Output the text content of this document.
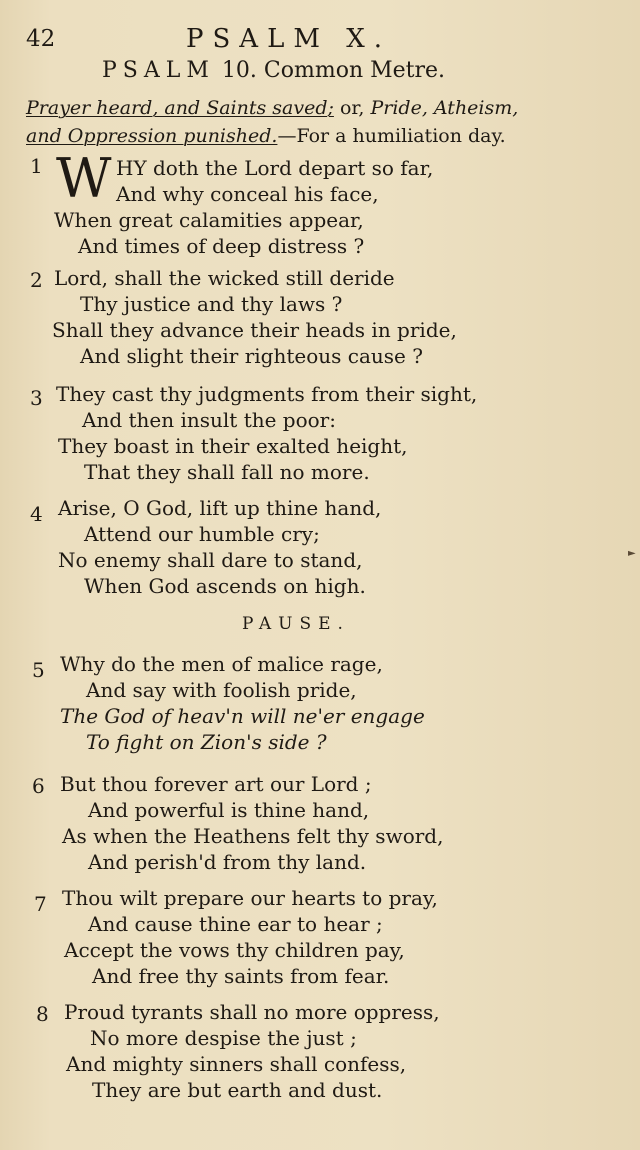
42	PSALM X.
PSALM 10. Common Metre.
Prayer heard, and Saints saved; or, Pride, Atheism,
and Oppression punished.—For a humiliation day.
1 W HY doth the Lord depart so far,
And why conceal his face,
When great calamities appear,
And times of deep distress ?
2 Lord, shall the wicked still deride
Thy justice and thy laws ?
Shall they advance their heads in pride,
And slight their righteous cause ?
3 They cast thy judgments from their sight,
And then insult the poor:
They boast in their exalted height,
That they shall fall no more.
4 Arise, O God, lift up thine hand,
Attend our humble cry;
No enemy shall dare to stand,
When God ascends on high.
►
PAUSE.
5 Why do the men of malice rage,
And say with foolish pride,
The God of heav'n will ne'er engage
To fight on Zion's side ?
6 But thou forever art our Lord ;
And powerful is thine hand,
As when the Heathens felt thy sword,
And perish'd from thy land.
7 Thou wilt prepare our hearts to pray,
And cause thine ear to hear ;
Accept the vows thy children pay,
And free thy saints from fear.
8 Proud tyrants shall no more oppress,
No more despise the just ;
And mighty sinners shall confess,
They are but earth and dust.
